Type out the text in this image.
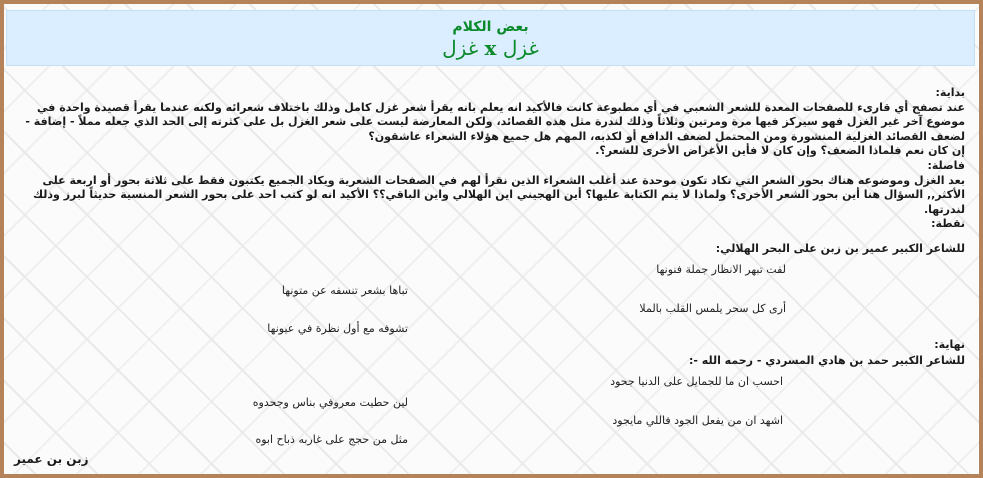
بعض الكلام
غزل x غزل

بداية:

عند تصفح أي قارىء للصفحات المعدة للشعر الشعبي في أي مطبوعة كانت فالأكيد انه يعلم بانه يقرأ شعر غزل كامل وذلك باختلاف شعرائه ولكنه عندما يقرأ قصيدة واحدة في موضوع آخر غير الغزل فهو سيركز فيها مرة ومرتين وثلاثاً وذلك لندرة مثل هذه القصائد، ولكن المعارضة ليست على شعر الغزل بل على كثرته إلى الحد الذي جعله مملاً - إضافة - لضعف القصائد الغزلية المنشورة ومن المحتمل لضعف الدافع أو لكذبه، المهم هل جميع هؤلاء الشعراء عاشقون؟

إن كان نعم فلماذا الضعف؟ وإن كان لا فأين الأغراض الأخرى للشعر؟.

فاصلة:

بعد الغزل وموضوعه هناك بحور الشعر التي تكاد تكون موحدة عند أغلب الشعراء الذين نقرأ لهم في الصفحات الشعرية ويكاد الجميع يكتبون فقط على ثلاثة بحور أو اربعة على الأكثر,, السؤال هنا أين بحور الشعر الأخرى؟ ولماذا لا يتم الكتابة عليها؟ أين الهجيني اين الهلالي واين الباقي؟؟ الأكيد انه لو كتب احد على بحور الشعر المنسية حديثاً لبرز وذلك لندرتها.

نقطة:

للشاعر الكبير عمير بن زبن على البحر الهلالي:
لفت تبهر الانظار جملة فنونها
تباها بشعر تنسفه عن متونها
أرى كل سحر يلمس القلب بالملا
تشوفه مع أول نظرة في عيونها
نهاية:
للشاعر الكبير حمد بن هادي المسردي - رحمه الله -:
احسب ان ما للجمايل على الدنيا جحود
لين حطيت معروفي بناس وجحدوه
اشهد ان من يفعل الجود فاللي مايجود
مثل من حجج على غاربه ذباح ابوه
زبن بن عمير
